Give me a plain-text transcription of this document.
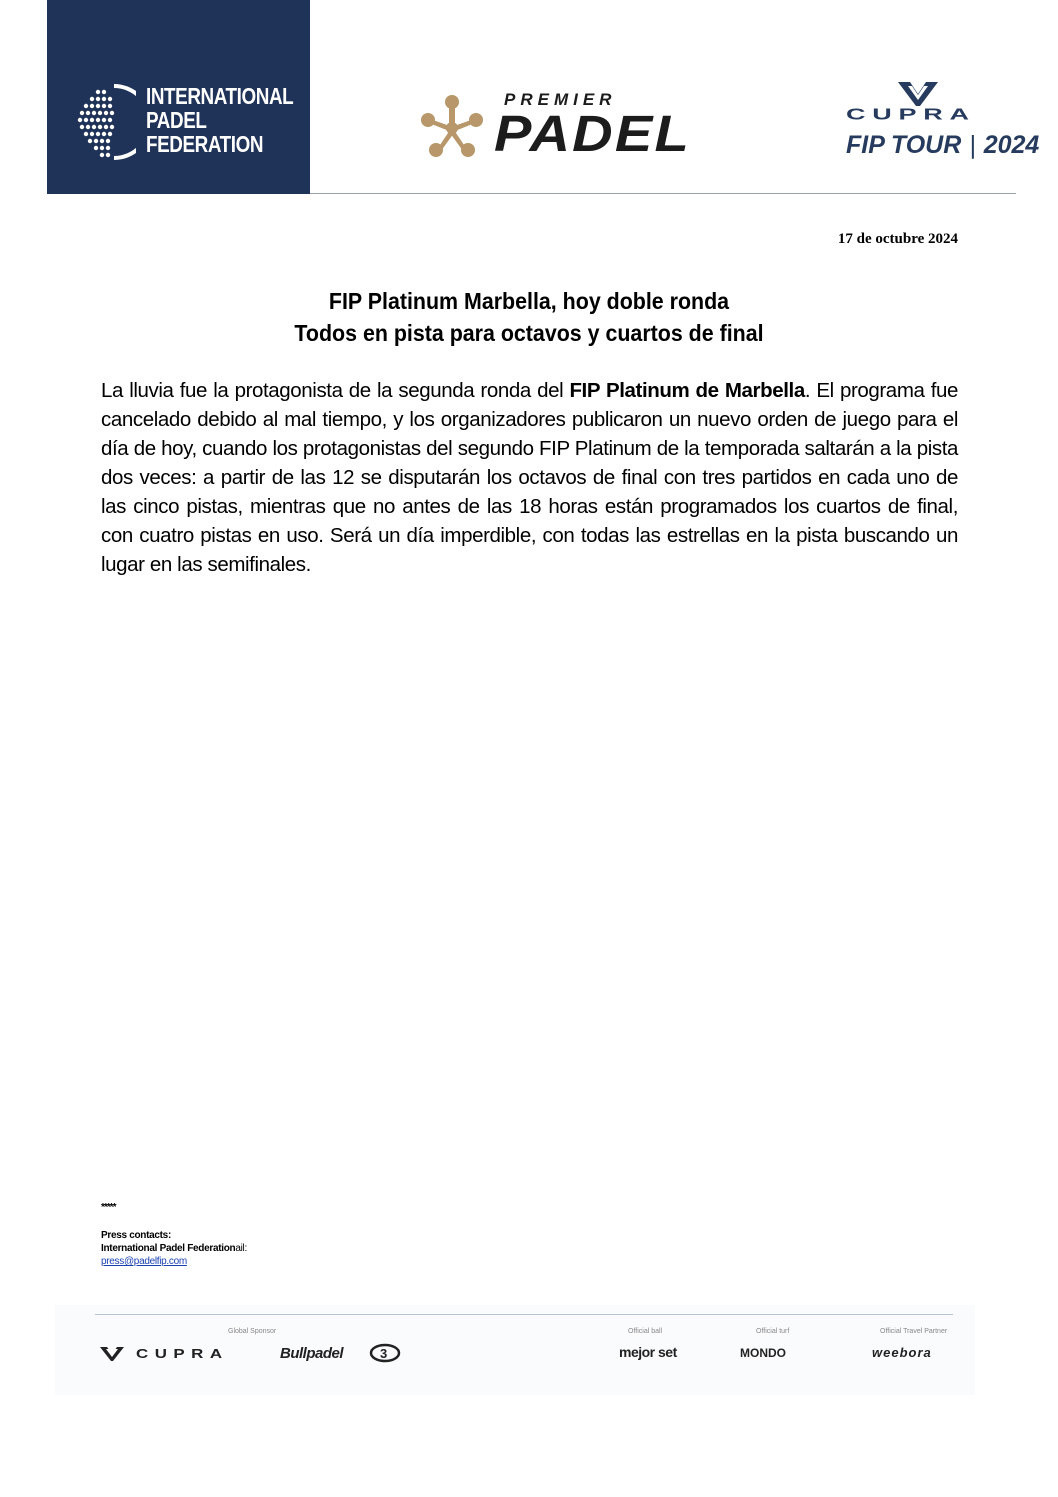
INTERNATIONAL
PADEL
FEDERATION
PREMIER
PADEL	CUPRA
FIP TOUR | 2024
17 de octubre 2024
FIP Platinum Marbella, hoy doble ronda
Todos en pista para octavos y cuartos de final
La lluvia fue la protagonista de la segunda ronda del FIP Platinum de Marbella. El programa fue cancelado debido al mal tiempo, y los organizadores publicaron un nuevo orden de juego para el día de hoy, cuando los protagonistas del segundo FIP Platinum de la temporada saltarán a la pista dos veces: a partir de las 12 se disputarán los octavos de final con tres partidos en cada uno de las cinco pistas, mientras que no antes de las 18 horas están programados los cuartos de final, con cuatro pistas en uso. Será un día imperdible, con todas las estrellas en la pista buscando un lugar en las semifinales.
*****
Press contacts:
International Padel Federationail:
press@padelfip.com
Global Sponsor	Official ball	Official turf	Official Travel Partner
CUPRA	Bullpadel	3	mejor set	MONDO	weebora
